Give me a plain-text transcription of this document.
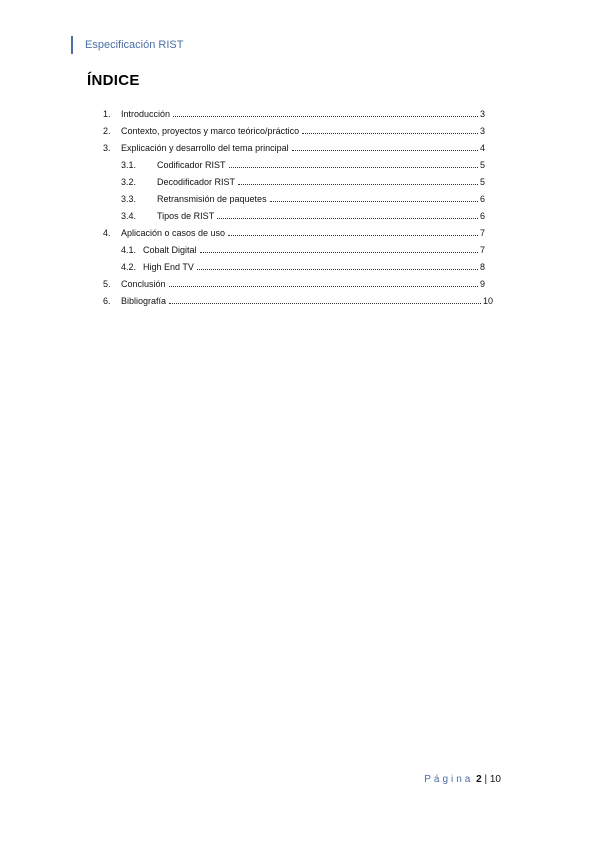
Especificación RIST
ÍNDICE
1.	Introducción	3
2.	Contexto, proyectos y marco teórico/práctico	3
3.	Explicación y desarrollo del tema principal	4
3.1.	Codificador RIST	5
3.2.	Decodificador RIST	5
3.3.	Retransmisión de paquetes	6
3.4.	Tipos de RIST	6
4.	Aplicación o casos de uso	7
4.1. Cobalt Digital	7
4.2. High End TV	8
5.	Conclusión	9
6.	Bibliografía	10
Página 2 | 10
